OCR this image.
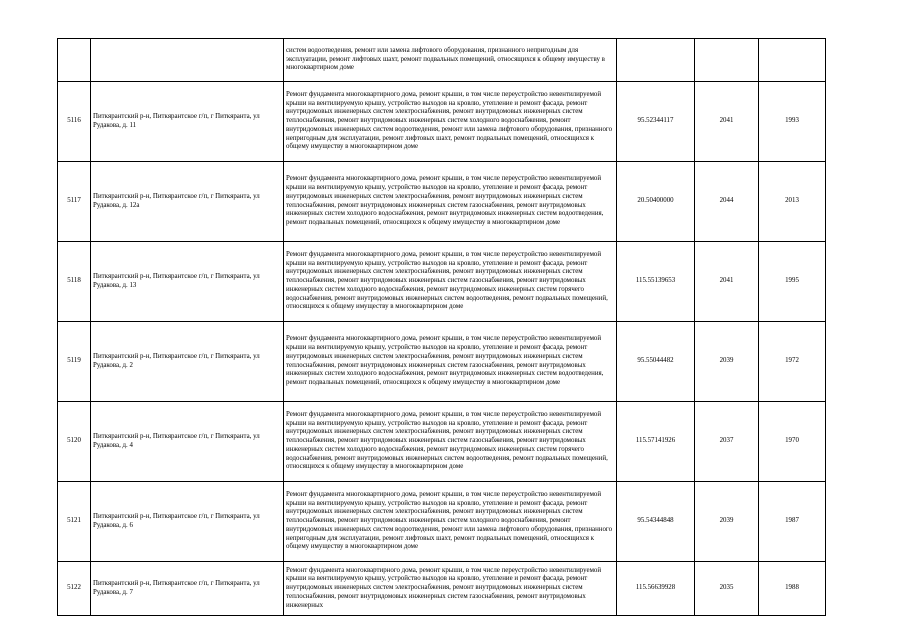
		систем водоотведения, ремонт или замена лифтового оборудования, признанного непригодным для эксплуатации, ремонт лифтовых шахт, ремонт подвальных помещений, относящихся к общему имуществу в многоквартирном доме			

5116	Питкярантский р-н, Питкярантское г/п, г Питкяранта, ул Рудакова, д. 11	Ремонт фундамента многоквартирного дома, ремонт крыши, в том числе переустройство невентилируемой крыши на вентилируемую крышу, устройство выходов на кровлю, утепление и ремонт фасада, ремонт внутридомовых инженерных систем электроснабжения, ремонт внутридомовых инженерных систем теплоснабжения, ремонт внутридомовых инженерных систем холодного водоснабжения, ремонт внутридомовых инженерных систем водоотведения, ремонт или замена лифтового оборудования, признанного непригодным для эксплуатации, ремонт лифтовых шахт, ремонт подвальных помещений, относящихся к общему имуществу в многоквартирном доме	95.52344117	2041	1993
5117	Питкярантский р-н, Питкярантское г/п, г Питкяранта, ул Рудакова, д. 12а	Ремонт фундамента многоквартирного дома, ремонт крыши, в том числе переустройство невентилируемой крыши на вентилируемую крышу, устройство выходов на кровлю, утепление и ремонт фасада, ремонт внутридомовых инженерных систем электроснабжения, ремонт внутридомовых инженерных систем теплоснабжения, ремонт внутридомовых инженерных систем газоснабжения, ремонт внутридомовых инженерных систем холодного водоснабжения, ремонт внутридомовых инженерных систем водоотведения, ремонт подвальных помещений, относящихся к общему имуществу в многоквартирном доме	20.50400000	2044	2013
5118	Питкярантский р-н, Питкярантское г/п, г Питкяранта, ул Рудакова, д. 13	Ремонт фундамента многоквартирного дома, ремонт крыши, в том числе переустройство невентилируемой крыши на вентилируемую крышу, устройство выходов на кровлю, утепление и ремонт фасада, ремонт внутридомовых инженерных систем электроснабжения, ремонт внутридомовых инженерных систем теплоснабжения, ремонт внутридомовых инженерных систем газоснабжения, ремонт внутридомовых инженерных систем холодного водоснабжения, ремонт внутридомовых инженерных систем горячего водоснабжения, ремонт внутридомовых инженерных систем водоотведения, ремонт подвальных помещений, относящихся к общему имуществу в многоквартирном доме	115.55139653	2041	1995
5119	Питкярантский р-н, Питкярантское г/п, г Питкяранта, ул Рудакова, д. 2	Ремонт фундамента многоквартирного дома, ремонт крыши, в том числе переустройство невентилируемой крыши на вентилируемую крышу, устройство выходов на кровлю, утепление и ремонт фасада, ремонт внутридомовых инженерных систем электроснабжения, ремонт внутридомовых инженерных систем теплоснабжения, ремонт внутридомовых инженерных систем газоснабжения, ремонт внутридомовых инженерных систем холодного водоснабжения, ремонт внутридомовых инженерных систем водоотведения, ремонт подвальных помещений, относящихся к общему имуществу в многоквартирном доме	95.55044482	2039	1972
5120	Питкярантский р-н, Питкярантское г/п, г Питкяранта, ул Рудакова, д. 4	Ремонт фундамента многоквартирного дома, ремонт крыши, в том числе переустройство невентилируемой крыши на вентилируемую крышу, устройство выходов на кровлю, утепление и ремонт фасада, ремонт внутридомовых инженерных систем электроснабжения, ремонт внутридомовых инженерных систем теплоснабжения, ремонт внутридомовых инженерных систем газоснабжения, ремонт внутридомовых инженерных систем холодного водоснабжения, ремонт внутридомовых инженерных систем горячего водоснабжения, ремонт внутридомовых инженерных систем водоотведения, ремонт подвальных помещений, относящихся к общему имуществу в многоквартирном доме	115.57141926	2037	1970
5121	Питкярантский р-н, Питкярантское г/п, г Питкяранта, ул Рудакова, д. 6	Ремонт фундамента многоквартирного дома, ремонт крыши, в том числе переустройство невентилируемой крыши на вентилируемую крышу, устройство выходов на кровлю, утепление и ремонт фасада, ремонт внутридомовых инженерных систем электроснабжения, ремонт внутридомовых инженерных систем теплоснабжения, ремонт внутридомовых инженерных систем холодного водоснабжения, ремонт внутридомовых инженерных систем водоотведения, ремонт или замена лифтового оборудования, признанного непригодным для эксплуатации, ремонт лифтовых шахт, ремонт подвальных помещений, относящихся к общему имуществу в многоквартирном доме	95.54344848	2039	1987
5122	Питкярантский р-н, Питкярантское г/п, г Питкяранта, ул Рудакова, д. 7	Ремонт фундамента многоквартирного дома, ремонт крыши, в том числе переустройство невентилируемой крыши на вентилируемую крышу, устройство выходов на кровлю, утепление и ремонт фасада, ремонт внутридомовых инженерных систем электроснабжения, ремонт внутридомовых инженерных систем теплоснабжения, ремонт внутридомовых инженерных систем газоснабжения, ремонт внутридомовых инженерных	115.56639928	2035	1988
